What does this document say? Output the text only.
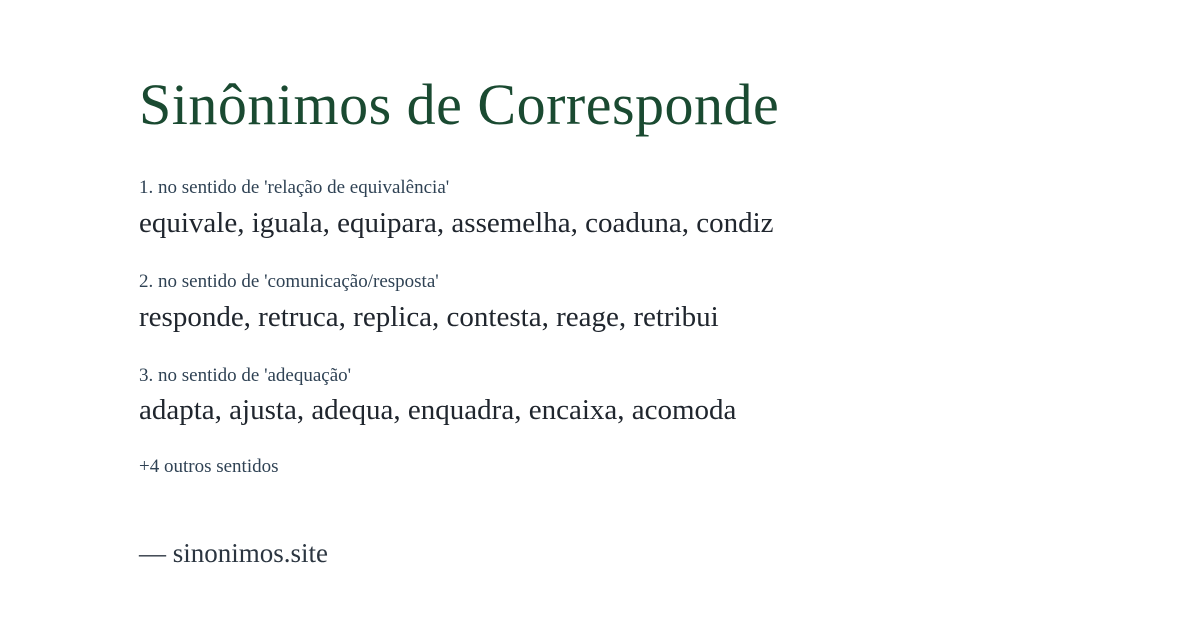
Sinônimos de Corresponde
1. no sentido de 'relação de equivalência'
equivale, iguala, equipara, assemelha, coaduna, condiz
2. no sentido de 'comunicação/resposta'
responde, retruca, replica, contesta, reage, retribui
3. no sentido de 'adequação'
adapta, ajusta, adequa, enquadra, encaixa, acomoda
+4 outros sentidos
— sinonimos.site
